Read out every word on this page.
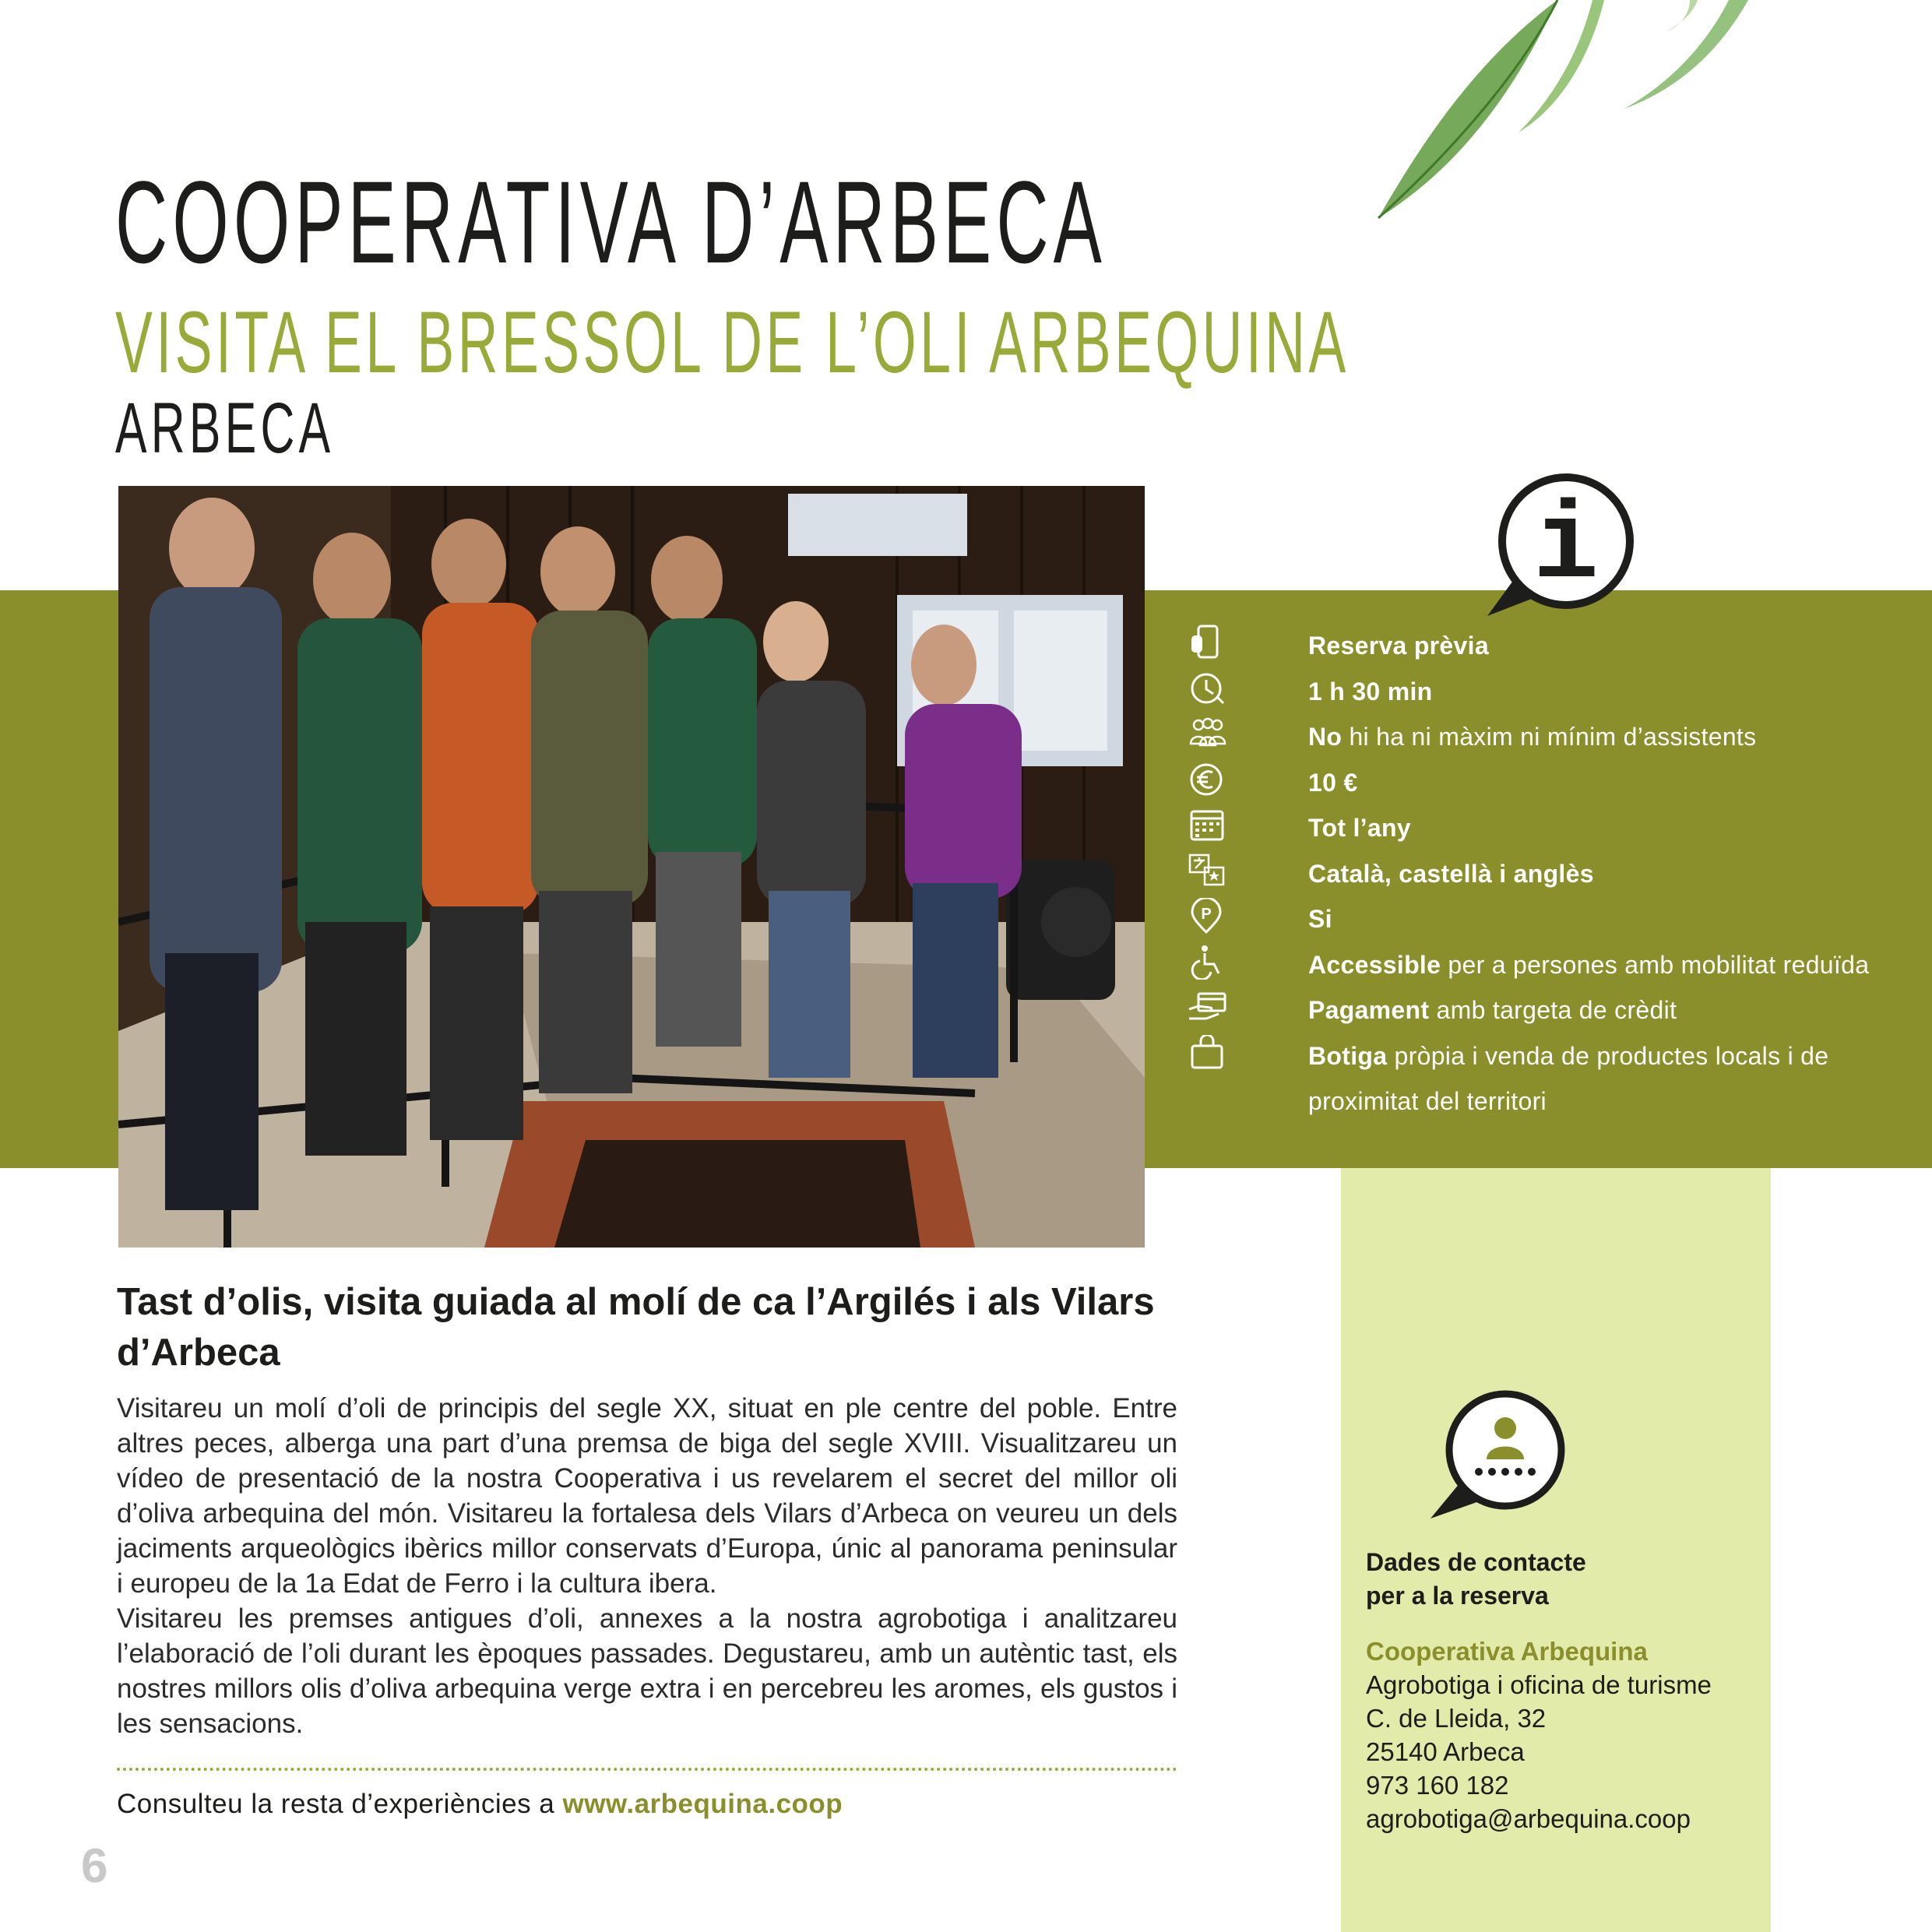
COOPERATIVA D’ARBECA
VISITA EL BRESSOL DE L’OLI ARBEQUINA
ARBECA
i
Reserva prèvia
1 h 30 min
No hi ha ni màxim ni mínim d’assistents
10 €
Tot l’any
Català, castellà i anglès
P	Si
Accessible per a persones amb mobilitat reduïda
Pagament amb targeta de crèdit
Botiga pròpia i venda de productes locals i de proximitat del territori
Dades de contacte
per a la reserva
Cooperativa Arbequina
Agrobotiga i oficina de turisme
C. de Lleida, 32
25140 Arbeca
973 160 182
agrobotiga@arbequina.coop
Tast d’olis, visita guiada al molí de ca l’Argilés i als Vilars d’Arbeca

Visitareu un molí d’oli de principis del segle XX, situat en ple centre del poble. Entre altres peces, alberga una part d’una premsa de biga del segle XVIII. Visualitzareu un vídeo de presentació de la nostra Cooperativa i us revelarem el secret del millor oli d’oliva arbequina del món. Visitareu la fortalesa dels Vilars d’Arbeca on veureu un dels jaciments arqueològics ibèrics millor conservats d’Europa, únic al panorama peninsular i europeu de la 1a Edat de Ferro i la cultura ibera.

Visitareu les premses antigues d’oli, annexes a la nostra agrobotiga i analitzareu l’elaboració de l’oli durant les èpoques passades. Degustareu, amb un autèntic tast, els nostres millors olis d’oliva arbequina verge extra i en percebreu les aromes, els gustos i les sensacions.

Consulteu la resta d’experiències a www.arbequina.coop
6
